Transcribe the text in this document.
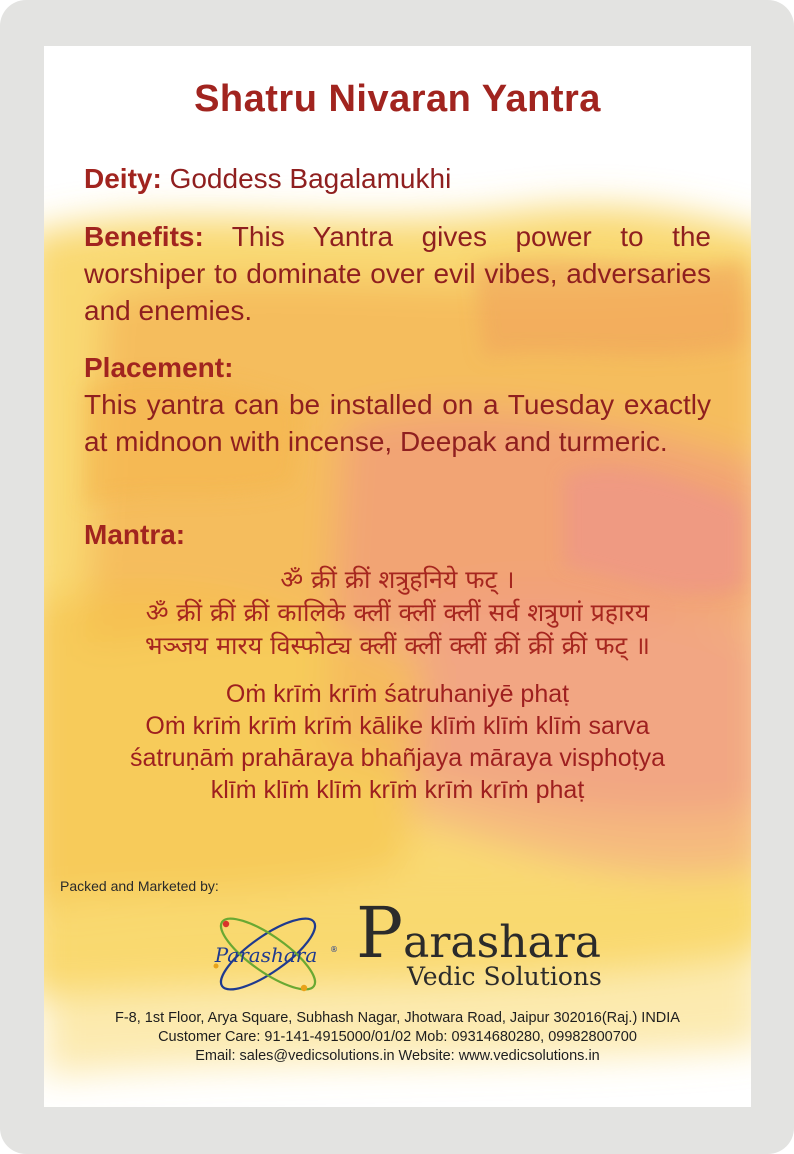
Shatru Nivaran Yantra
Deity: Goddess Bagalamukhi
Benefits: This Yantra gives power to the worshiper to dominate over evil vibes, adversaries and enemies.
Placement:
This yantra can be installed on a Tuesday exactly at midnoon with incense, Deepak and turmeric.
Mantra:
ॐ क्रीं क्रीं शत्रुहनिये फट् ।
ॐ क्रीं क्रीं क्रीं कालिके क्लीं क्लीं क्लीं सर्व शत्रुणां प्रहारय
भञ्जय मारय विस्फोट्य क्लीं क्लीं क्लीं क्रीं क्रीं क्रीं फट् ॥
Oṁ krīṁ krīṁ śatruhaniyē phaṭ
Oṁ krīṁ krīṁ krīṁ kālike klīṁ klīṁ klīṁ sarva
śatruṇāṁ prahāraya bhañjaya māraya visphoṭya
klīṁ klīṁ klīṁ krīṁ krīṁ krīṁ phaṭ
Packed and Marketed by:
Parashara ® Parashara
Vedic Solutions
F-8, 1st Floor, Arya Square, Subhash Nagar, Jhotwara Road, Jaipur 302016(Raj.) INDIA
Customer Care: 91-141-4915000/01/02 Mob: 09314680280, 09982800700
Email: sales@vedicsolutions.in Website: www.vedicsolutions.in
